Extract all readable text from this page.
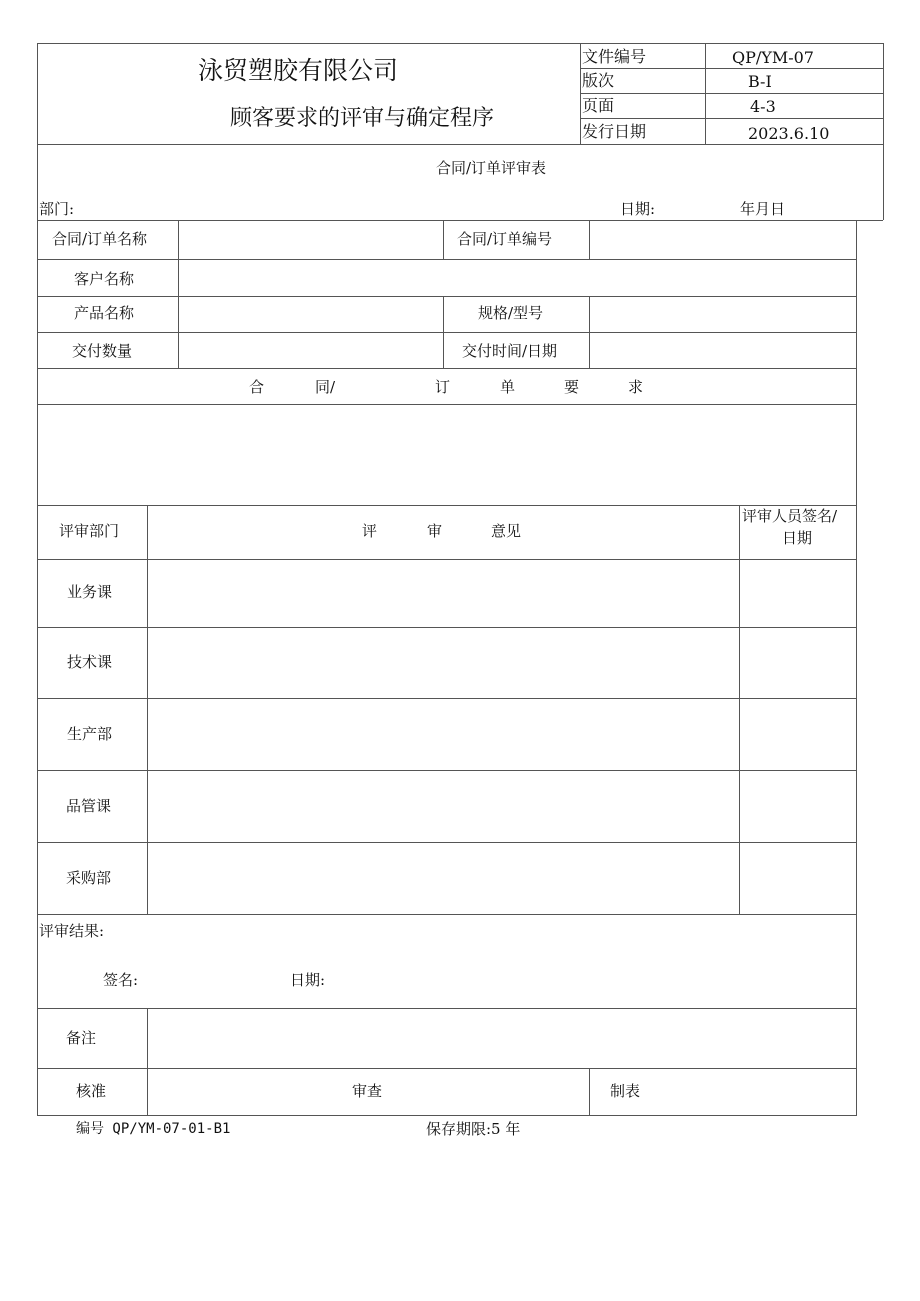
泳贸塑胶有限公司
顾客要求的评审与确定程序
文件编号	QP/YM-07
版次	B-I
页面	4-3
发行日期	2023.6.10
合同/订单评审表
部门:	日期:	年月日
合同/订单名称	合同/订单编号
客户名称
产品名称	规格/型号
交付数量	交付时间/日期
合	同/	订	单	要	求
评审部门	评	审	意见
评审人员签名/
日期
业务课
技术课
生产部
品管课
采购部
评审结果:
签名:	日期:
备注
核准	审查	制表
编号 QP/YM-07-01-B1	保存期限:5 年
